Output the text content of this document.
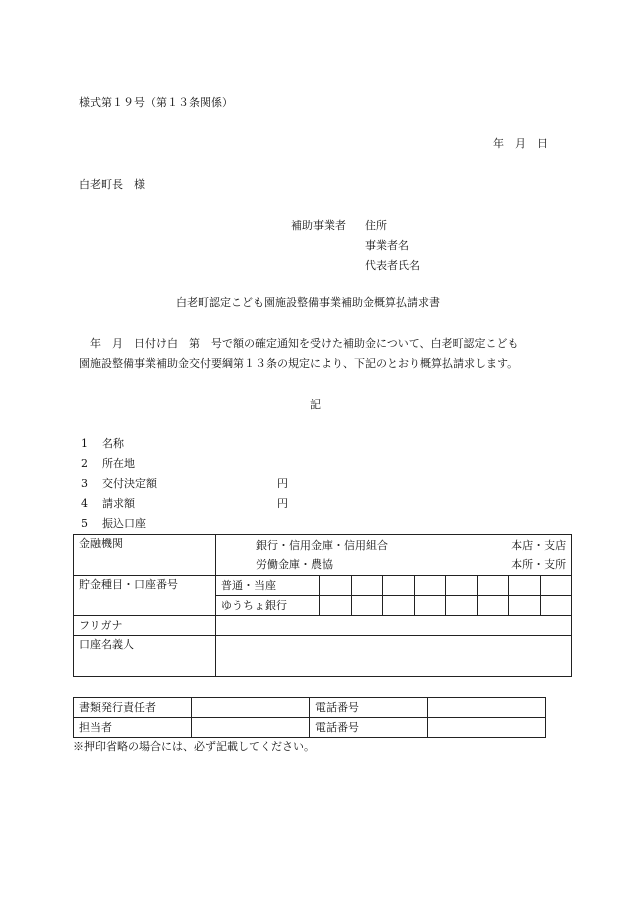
様式第１９号（第１３条関係）
年　月　日
白老町長　様
補助事業者 住所
事業者名
代表者氏名
白老町認定こども園施設整備事業補助金概算払請求書
年　月　日付け白　第　号で額の確定通知を受けた補助金について、白老町認定こども
園施設整備事業補助金交付要綱第１３条の規定により、下記のとおり概算払請求します。
記
1 名称
2 所在地
3 交付決定額	円
4 請求額	円
5 振込口座
金融機関	銀行・信用金庫・信用組合 本店・支店
労働金庫・農協 本所・支所								

貯金種目・口座番号	普通・当座								
	ゆうちょ銀行								
フリガナ									
口座名義人									
書類発行責任者		電話番号	
担当者		電話番号	
※押印省略の場合には、必ず記載してください。
